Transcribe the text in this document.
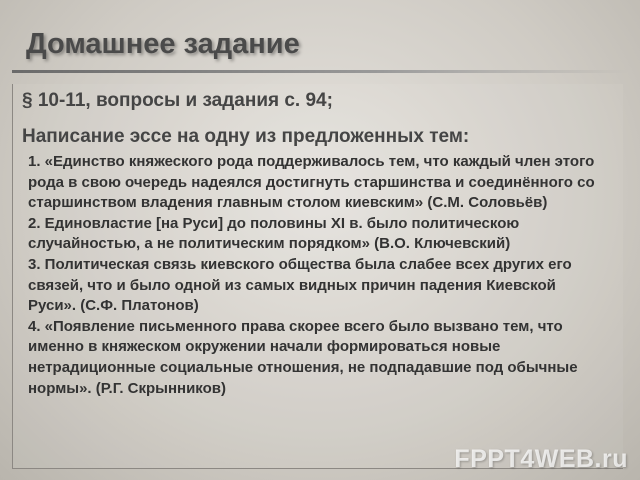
Домашнее задание
§ 10-11, вопросы и задания с. 94;
Написание эссе на одну из предложенных тем:
1. «Единство княжеского рода поддерживалось тем, что каждый член этого рода в свою очередь надеялся достигнуть старшинства и соединённого со старшинством владения главным столом киевским» (С.М. Соловьёв)
2. Единовластие [на Руси] до половины XI в. было политическою случайностью, а не политическим порядком» (В.О. Ключевский)
3. Политическая связь киевского общества была слабее всех других его связей, что и было одной из самых видных причин падения Киевской Руси». (С.Ф. Платонов)
4. «Появление письменного права скорее всего было вызвано тем, что именно в княжеском окружении начали формироваться новые нетрадиционные социальные отношения, не подпадавшие под обычные нормы». (Р.Г. Скрынников)
FPPT4WEB.ru
